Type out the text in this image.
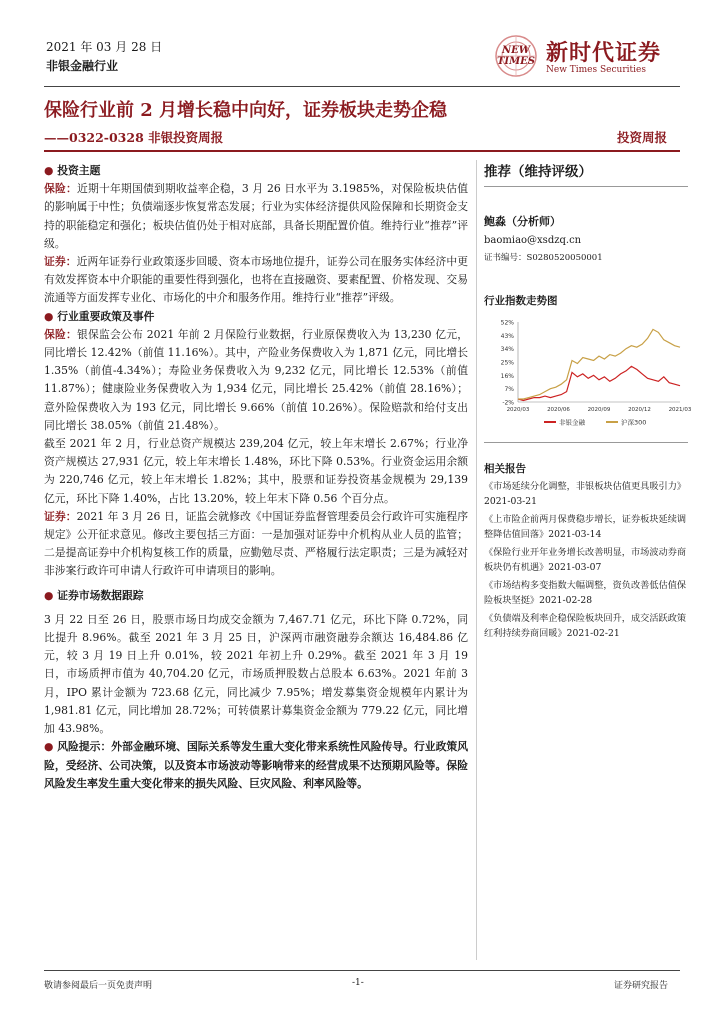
2021 年 03 月 28 日
非银金融行业
NEW TIMES 新时代证券
New Times Securities
保险行业前 2 月增长稳中向好，证券板块走势企稳
——0322-0328 非银投资周报	投资周报

● 投资主题

保险：近期十年期国债到期收益率企稳，3 月 26 日水平为 3.1985%，对保险板块估值的影响属于中性；负债端逐步恢复常态发展；行业为实体经济提供风险保障和长期资金支持的职能稳定和强化；板块估值仍处于相对底部，具备长期配置价值。维持行业“推荐”评级。

证券：近两年证券行业政策逐步回暖、资本市场地位提升，证券公司在服务实体经济中更有效发挥资本中介职能的重要性得到强化，也将在直接融资、要素配置、价格发现、交易流通等方面发挥专业化、市场化的中介和服务作用。维持行业“推荐”评级。

● 行业重要政策及事件

保险：银保监会公布 2021 年前 2 月保险行业数据，行业原保费收入为 13,230 亿元，同比增长 12.42%（前值 11.16%）。其中，产险业务保费收入为 1,871 亿元，同比增长 1.35%（前值-4.34%）；寿险业务保费收入为 9,232 亿元，同比增长 12.53%（前值 11.87%）；健康险业务保费收入为 1,934 亿元，同比增长 25.42%（前值 28.16%）；意外险保费收入为 193 亿元，同比增长 9.66%（前值 10.26%）。保险赔款和给付支出同比增长 38.05%（前值 21.48%）。

截至 2021 年 2 月，行业总资产规模达 239,204 亿元，较上年末增长 2.67%；行业净资产规模达 27,931 亿元，较上年末增长 1.48%，环比下降 0.53%。行业资金运用余额为 220,746 亿元，较上年末增长 1.82%；其中，股票和证券投资基金规模为 29,139 亿元，环比下降 1.40%，占比 13.20%，较上年末下降 0.56 个百分点。

证券：2021 年 3 月 26 日，证监会就修改《中国证券监督管理委员会行政许可实施程序规定》公开征求意见。修改主要包括三方面：一是加强对证券中介机构从业人员的监管；二是提高证券中介机构复核工作的质量，应勤勉尽责、严格履行法定职责；三是为减轻对非涉案行政许可申请人行政许可申请项目的影响。

● 证券市场数据跟踪

3 月 22 日至 26 日，股票市场日均成交金额为 7,467.71 亿元，环比下降 0.72%，同比提升 8.96%。截至 2021 年 3 月 25 日，沪深两市融资融券余额达 16,484.86 亿元，较 3 月 19 日上升 0.01%，较 2021 年初上升 0.29%。截至 2021 年 3 月 19 日，市场质押市值为 40,704.20 亿元，市场质押股数占总股本 6.63%。2021 年前 3 月，IPO 累计金额为 723.68 亿元，同比减少 7.95%；增发募集资金规模年内累计为 1,981.81 亿元，同比增加 28.72%；可转债累计募集资金金额为 779.22 亿元，同比增加 43.98%。

● 风险提示：外部金融环境、国际关系等发生重大变化带来系统性风险传导。行业政策风险，受经济、公司决策，以及资本市场波动等影响带来的经营成果不达预期风险等。保险风险发生率发生重大变化带来的损失风险、巨灾风险、利率风险等。

推荐（维持评级）
鲍淼（分析师）
baomiao@xsdzq.cn
证书编号：S0280520050001
行业指数走势图
52%
43%
34%
25%
16%
7%
-2%
2020/03	2020/06	2020/09	2020/12	2021/03
非银金融	沪深300
相关报告
《市场延续分化调整，非银板块估值更具吸引力》2021-03-21
《上市险企前两月保费稳步增长，证券板块延续调整降估值回落》2021-03-14
《保险行业开年业务增长改善明显，市场波动券商板块仍有机遇》2021-03-07
《市场结构多变指数大幅调整，资负改善低估值保险板块坚挺》2021-02-28
《负债端及利率企稳保险板块回升，成交活跃政策红利持续券商回暖》2021-02-21
敬请参阅最后一页免责声明	-1-	证券研究报告
